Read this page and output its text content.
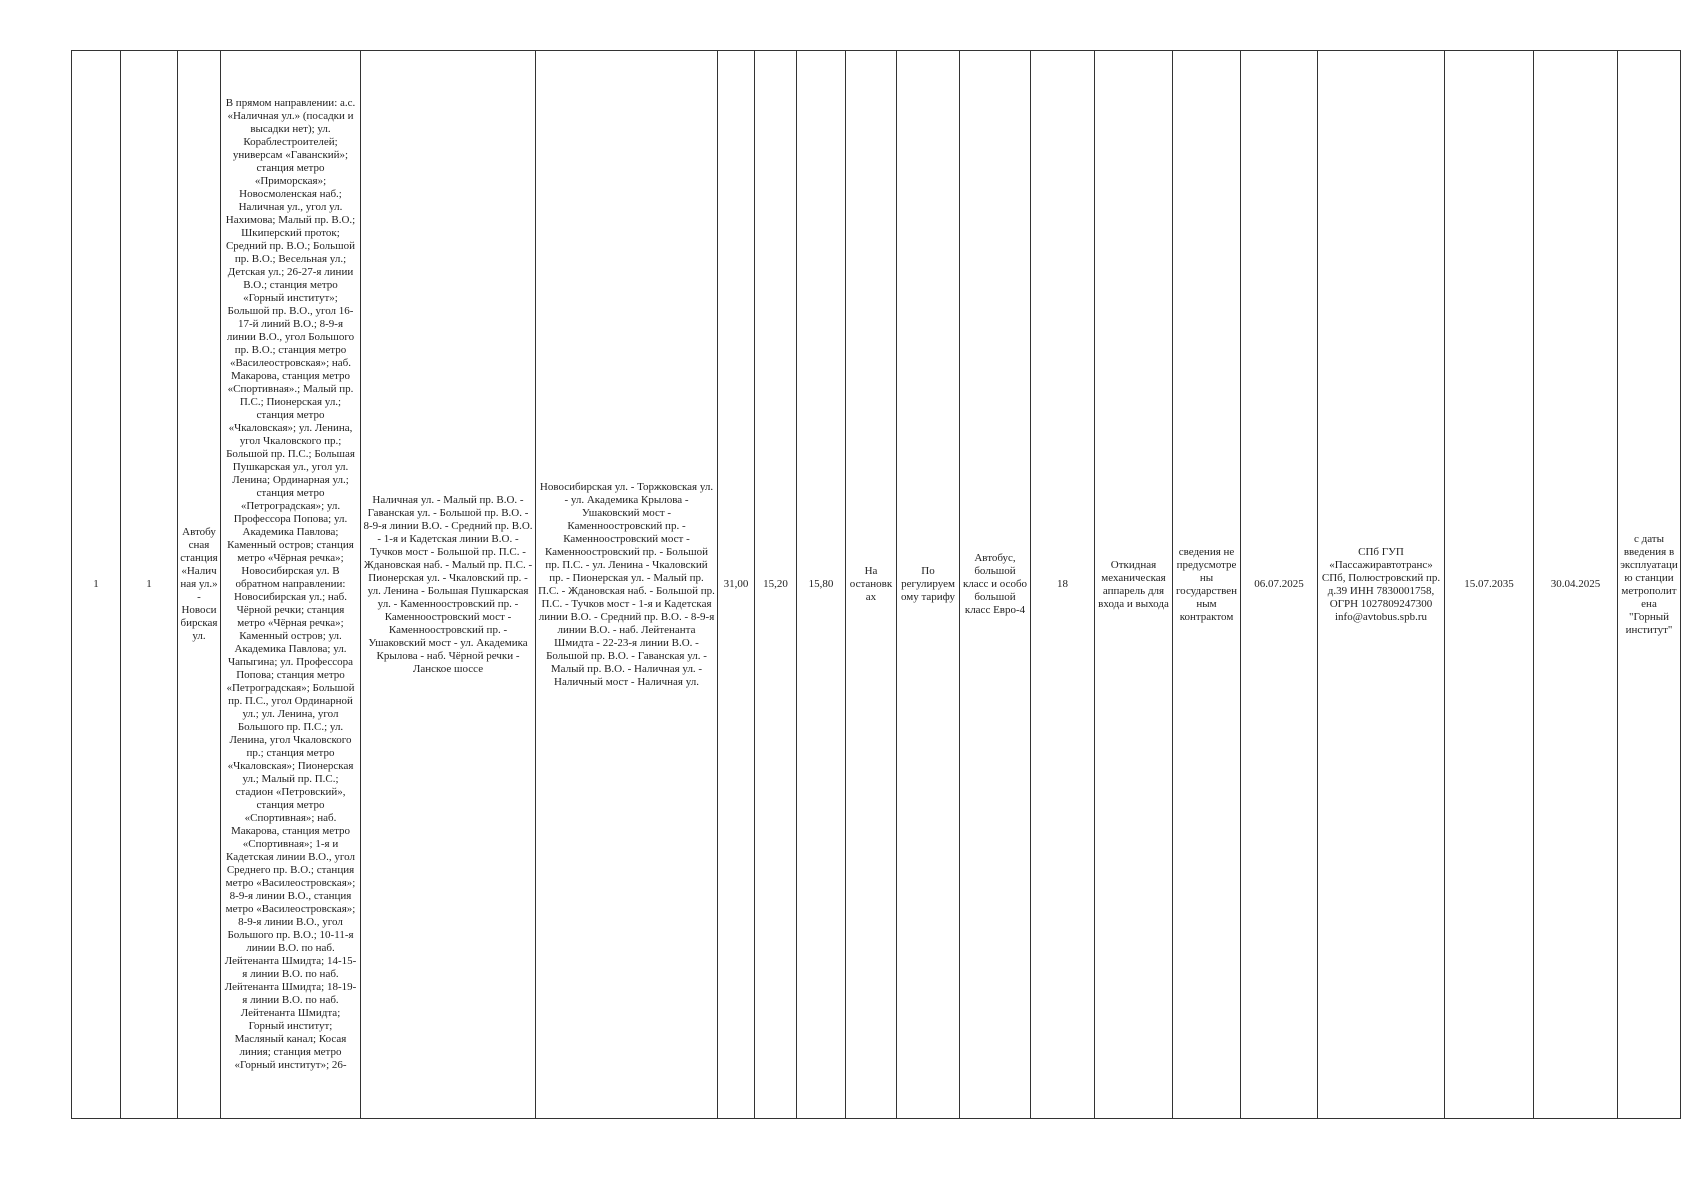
1	1	Автобусная станция «Наличная ул.» - Новосибирская ул.	В прямом направлении: а.с. «Наличная ул.» (посадки и высадки нет); ул. Кораблестроителей; универсам «Гаванский»; станция метро «Приморская»; Новосмоленская наб.; Наличная ул., угол ул. Нахимова; Малый пр. В.О.; Шкиперский проток; Средний пр. В.О.; Большой пр. В.О.; Весельная ул.; Детская ул.; 26-27-я линии В.О.; станция метро «Горный институт»; Большой пр. В.О., угол 16-17-й линий В.О.; 8-9-я линии В.О., угол Большого пр. В.О.; станция метро «Василеостровская»; наб. Макарова, станция метро «Спортивная».; Малый пр. П.С.; Пионерская ул.; станция метро «Чкаловская»; ул. Ленина, угол Чкаловского пр.; Большой пр. П.С.; Большая Пушкарская ул., угол ул. Ленина; Ординарная ул.; станция метро «Петроградская»; ул. Профессора Попова; ул. Академика Павлова; Каменный остров; станция метро «Чёрная речка»; Новосибирская ул. В обратном направлении: Новосибирская ул.; наб. Чёрной речки; станция метро «Чёрная речка»; Каменный остров; ул. Академика Павлова; ул. Чапыгина; ул. Профессора Попова; станция метро «Петроградская»; Большой пр. П.С., угол Ординарной ул.; ул. Ленина, угол Большого пр. П.С.; ул. Ленина, угол Чкаловского пр.; станция метро «Чкаловская»; Пионерская ул.; Малый пр. П.С.; стадион «Петровский», станция метро «Спортивная»; наб. Макарова, станция метро «Спортивная»; 1-я и Кадетская линии В.О., угол Среднего пр. В.О.; станция метро «Василеостровская»; 8-9-я линии В.О., станция метро «Василеостровская»; 8-9-я линии В.О., угол Большого пр. В.О.; 10-11-я линии В.О. по наб. Лейтенанта Шмидта; 14-15-я линии В.О. по наб. Лейтенанта Шмидта; 18-19-я линии В.О. по наб. Лейтенанта Шмидта; Горный институт; Масляный канал; Косая линия; станция метро «Горный институт»; 26-	Наличная ул. - Малый пр. В.О. - Гаванская ул. - Большой пр. В.О. - 8-9-я линии В.О. - Средний пр. В.О. - 1-я и Кадетская линии В.О. - Тучков мост - Большой пр. П.С. - Ждановская наб. - Малый пр. П.С. - Пионерская ул. - Чкаловский пр. - ул. Ленина - Большая Пушкарская ул. - Каменноостровский пр. - Каменноостровский мост - Каменноостровский пр. - Ушаковский мост - ул. Академика Крылова - наб. Чёрной речки - Ланское шоссе	Новосибирская ул. - Торжковская ул. - ул. Академика Крылова - Ушаковский мост - Каменноостровский пр. - Каменноостровский мост - Каменноостровский пр. - Большой пр. П.С. - ул. Ленина - Чкаловский пр. - Пионерская ул. - Малый пр. П.С. - Ждановская наб. - Большой пр. П.С. - Тучков мост - 1-я и Кадетская линии В.О. - Средний пр. В.О. - 8-9-я линии В.О. - наб. Лейтенанта Шмидта - 22-23-я линии В.О. - Большой пр. В.О. - Гаванская ул. - Малый пр. В.О. - Наличная ул. - Наличный мост - Наличная ул.	31,00	15,20	15,80	На остановках	По регулируемому тарифу	Автобус, большой класс и особо большой класс Евро-4	18	Откидная механическая аппарель для входа и выхода	сведения не предусмотрены государственным контрактом	06.07.2025	СПб ГУП «Пассажиравтотранс» СПб, Полюстровский пр. д.39 ИНН 7830001758, ОГРН 1027809247300 info@avtobus.spb.ru	15.07.2035	30.04.2025	с даты введения в эксплуатацию станции метрополитена "Горный институт"
